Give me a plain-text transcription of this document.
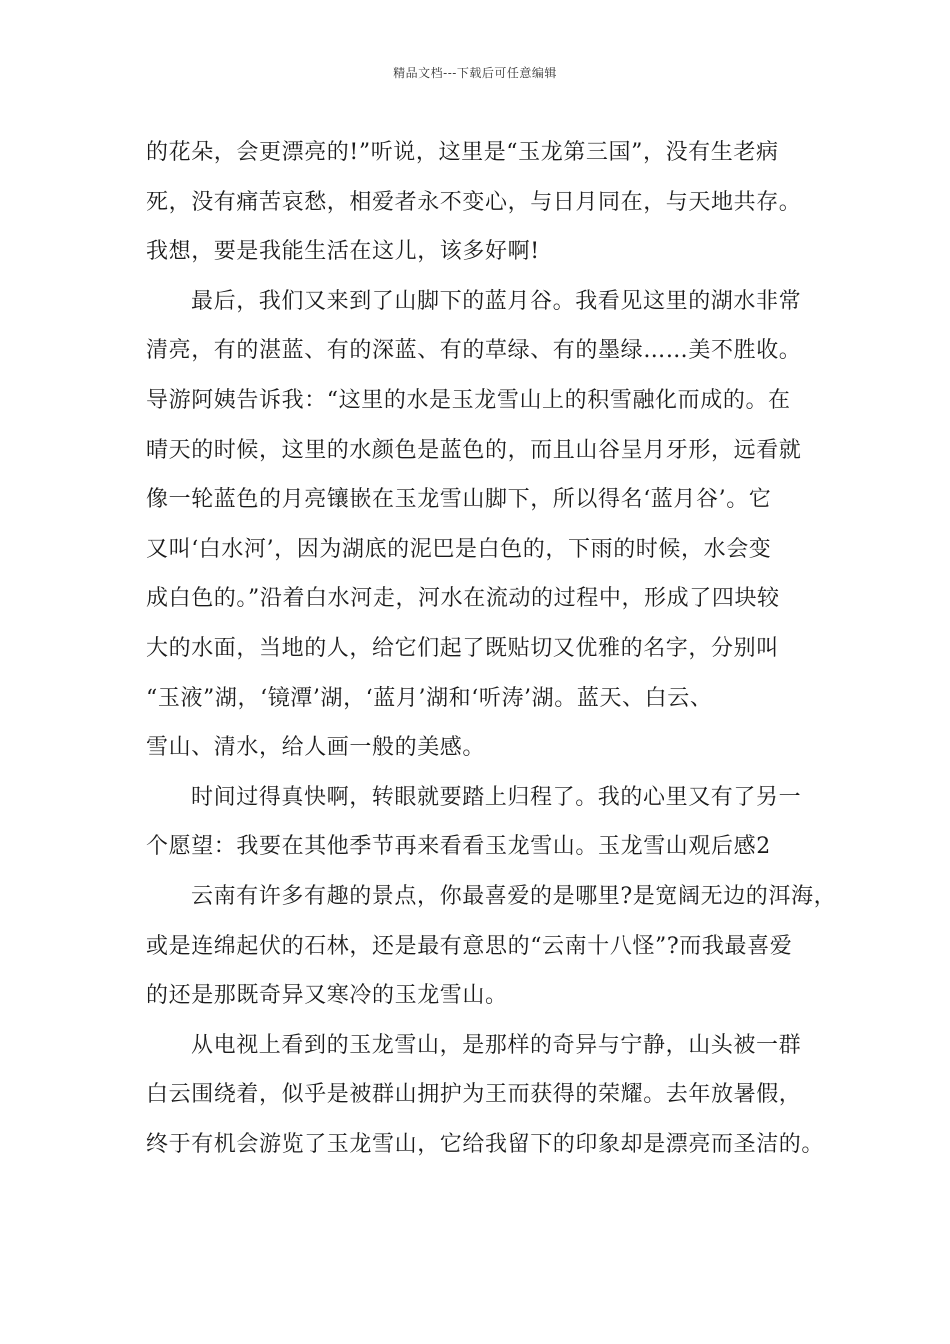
精品文档---下载后可任意编辑
的花朵，会更漂亮的!”听说，这里是“玉龙第三国”，没有生老病
死，没有痛苦哀愁，相爱者永不变心，与日月同在，与天地共存。
我想，要是我能生活在这儿，该多好啊!
最后，我们又来到了山脚下的蓝月谷。我看见这里的湖水非常
清亮，有的湛蓝、有的深蓝、有的草绿、有的墨绿……美不胜收。
导游阿姨告诉我：“这里的水是玉龙雪山上的积雪融化而成的。在
晴天的时候，这里的水颜色是蓝色的，而且山谷呈月牙形，远看就
像一轮蓝色的月亮镶嵌在玉龙雪山脚下，所以得名‘蓝月谷’。它
又叫‘白水河’，因为湖底的泥巴是白色的，下雨的时候，水会变
成白色的。”沿着白水河走，河水在流动的过程中，形成了四块较
大的水面，当地的人，给它们起了既贴切又优雅的名字，分别叫
“玉液”湖，‘镜潭’湖，‘蓝月’湖和‘听涛’湖。蓝天、白云、
雪山、清水，给人画一般的美感。
时间过得真快啊，转眼就要踏上归程了。我的心里又有了另一
个愿望：我要在其他季节再来看看玉龙雪山。玉龙雪山观后感2
云南有许多有趣的景点，你最喜爱的是哪里?是宽阔无边的洱海，
或是连绵起伏的石林，还是最有意思的“云南十八怪”?而我最喜爱
的还是那既奇异又寒冷的玉龙雪山。
从电视上看到的玉龙雪山，是那样的奇异与宁静，山头被一群
白云围绕着，似乎是被群山拥护为王而获得的荣耀。去年放暑假，
终于有机会游览了玉龙雪山，它给我留下的印象却是漂亮而圣洁的。
